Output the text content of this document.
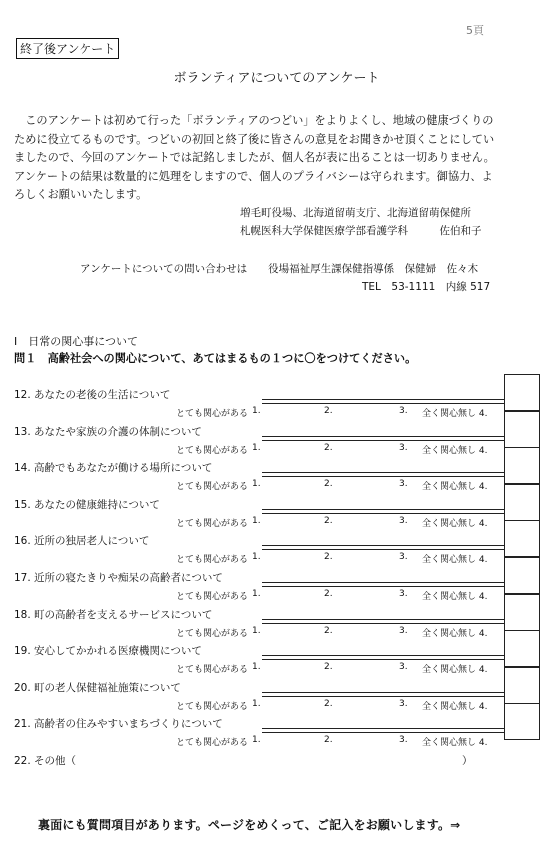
5頁
終了後アンケート
ボランティアについてのアンケート

このアンケートは初めて行った「ボランティアのつどい」をよりよくし、地域の健康づくりのために役立てるものです。つどいの初回と終了後に皆さんの意見をお聞きかせ頂くことにしていましたので、今回のアンケートでは記銘しましたが、個人名が表に出ることは一切ありません。アンケートの結果は数量的に処理をしますので、個人のプライバシーは守られます。御協力、よろしくお願いいたします。

増毛町役場、北海道留萌支庁、北海道留萌保健所
札幌医科大学保健医療学部看護学科　　　佐伯和子
アンケートについての問い合わせは　　役場福祉厚生課保健指導係　保健婦　佐々木
TEL　53-1111　内線 517
Ⅰ　日常の関心事について
問１　高齢社会への関心について、あてはまるもの１つに〇をつけてください。
12. あなたの老後の生活について
とても関心がある 1.	2.	3. 全く関心無し 4.
13. あなたや家族の介護の体制について
とても関心がある 1.	2.	3. 全く関心無し 4.
14. 高齢でもあなたが働ける場所について
とても関心がある 1.	2.	3. 全く関心無し 4.
15. あなたの健康維持について
とても関心がある 1.	2.	3. 全く関心無し 4.
16. 近所の独居老人について
とても関心がある 1.	2.	3. 全く関心無し 4.
17. 近所の寝たきりや痴呆の高齢者について
とても関心がある 1.	2.	3. 全く関心無し 4.
18. 町の高齢者を支えるサービスについて
とても関心がある 1.	2.	3. 全く関心無し 4.
19. 安心してかかれる医療機関について
とても関心がある 1.	2.	3. 全く関心無し 4.
20. 町の老人保健福祉施策について
とても関心がある 1.	2.	3. 全く関心無し 4.
21. 高齢者の住みやすいまちづくりについて
とても関心がある 1.	2.	3. 全く関心無し 4.
22. その他（	）
裏面にも質問項目があります。ページをめくって、ご記入をお願いします。⇒
